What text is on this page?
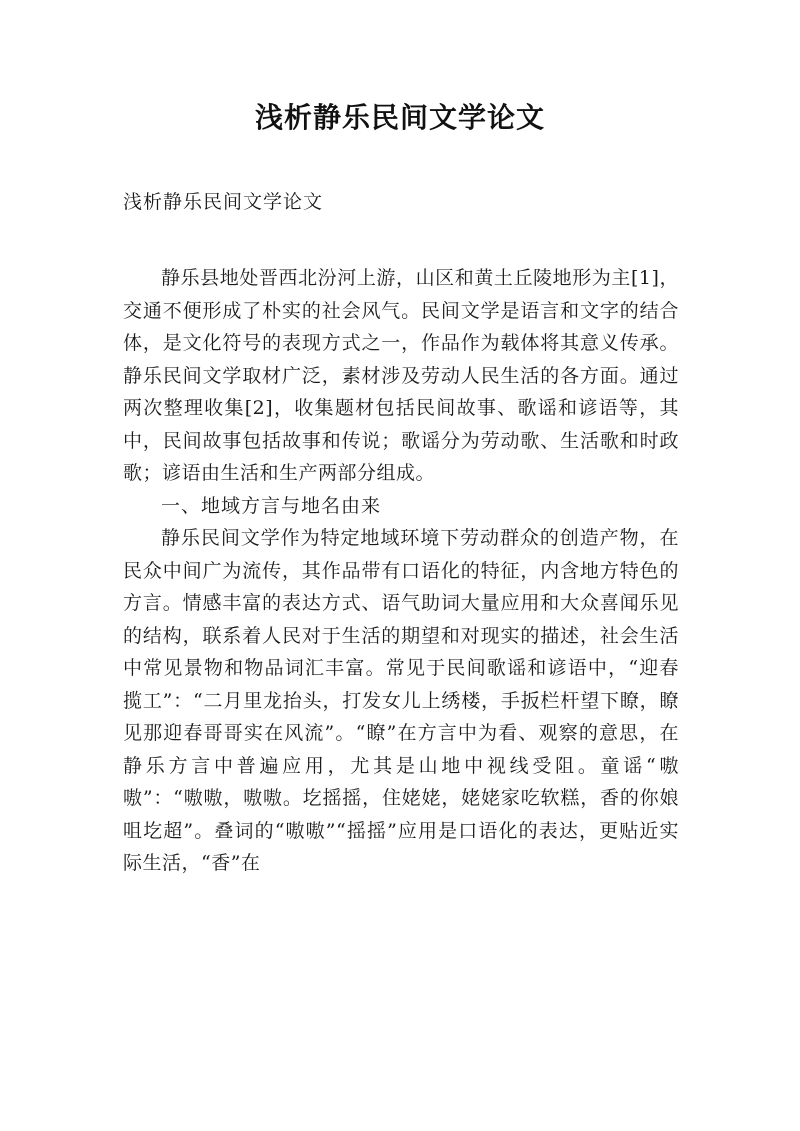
浅析静乐民间文学论文
浅析静乐民间文学论文

静乐县地处晋西北汾河上游，山区和黄土丘陵地形为主[1]，交通不便形成了朴实的社会风气。民间文学是语言和文字的结合体，是文化符号的表现方式之一，作品作为载体将其意义传承。静乐民间文学取材广泛，素材涉及劳动人民生活的各方面。通过两次整理收集[2]，收集题材包括民间故事、歌谣和谚语等，其中，民间故事包括故事和传说；歌谣分为劳动歌、生活歌和时政歌；谚语由生活和生产两部分组成。

一、地域方言与地名由来

静乐民间文学作为特定地域环境下劳动群众的创造产物，在民众中间广为流传，其作品带有口语化的特征，内含地方特色的方言。情感丰富的表达方式、语气助词大量应用和大众喜闻乐见的结构，联系着人民对于生活的期望和对现实的描述，社会生活中常见景物和物品词汇丰富。常见于民间歌谣和谚语中，“迎春揽工”：“二月里龙抬头，打发女儿上绣楼，手扳栏杆望下瞭，瞭见那迎春哥哥实在风流”。“瞭”在方言中为看、观察的意思，在静乐方言中普遍应用，尤其是山地中视线受阻。童谣“嗷嗷”：“嗷嗷，嗷嗷。圪摇摇，住姥姥，姥姥家吃软糕，香的你娘咀圪超”。叠词的“嗷嗷”“摇摇”应用是口语化的表达，更贴近实际生活，“香”在
